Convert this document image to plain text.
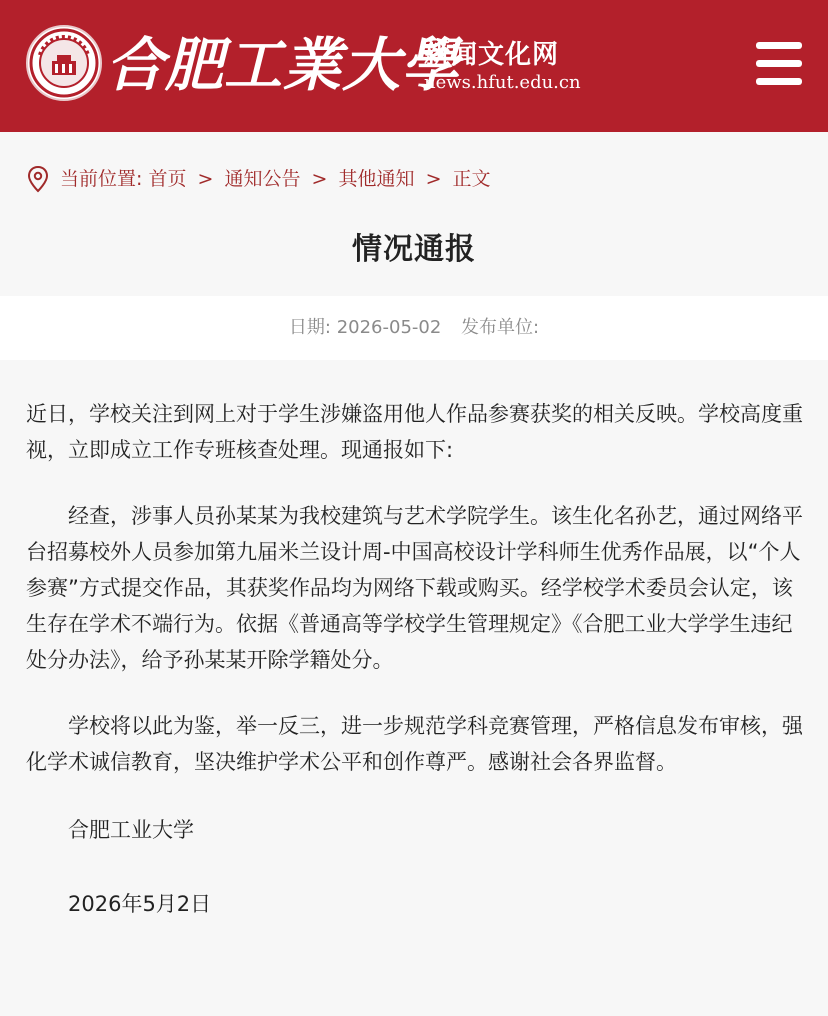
合肥工業大學
新闻文化网
news.hfut.edu.cn
当前位置: 首页 > 通知公告 > 其他通知 > 正文
情况通报
日期: 2026-05-02 发布单位:

近日，学校关注到网上对于学生涉嫌盗用他人作品参赛获奖的相关反映。学校高度重视，立即成立工作专班核查处理。现通报如下:

经查，涉事人员孙某某为我校建筑与艺术学院学生。该生化名孙艺，通过网络平台招募校外人员参加第九届米兰设计周-中国高校设计学科师生优秀作品展，以“个人参赛”方式提交作品，其获奖作品均为网络下载或购买。经学校学术委员会认定，该生存在学术不端行为。依据《普通高等学校学生管理规定》《合肥工业大学学生违纪处分办法》，给予孙某某开除学籍处分。

学校将以此为鉴，举一反三，进一步规范学科竞赛管理，严格信息发布审核，强化学术诚信教育，坚决维护学术公平和创作尊严。感谢社会各界监督。

合肥工业大学

2026年5月2日
